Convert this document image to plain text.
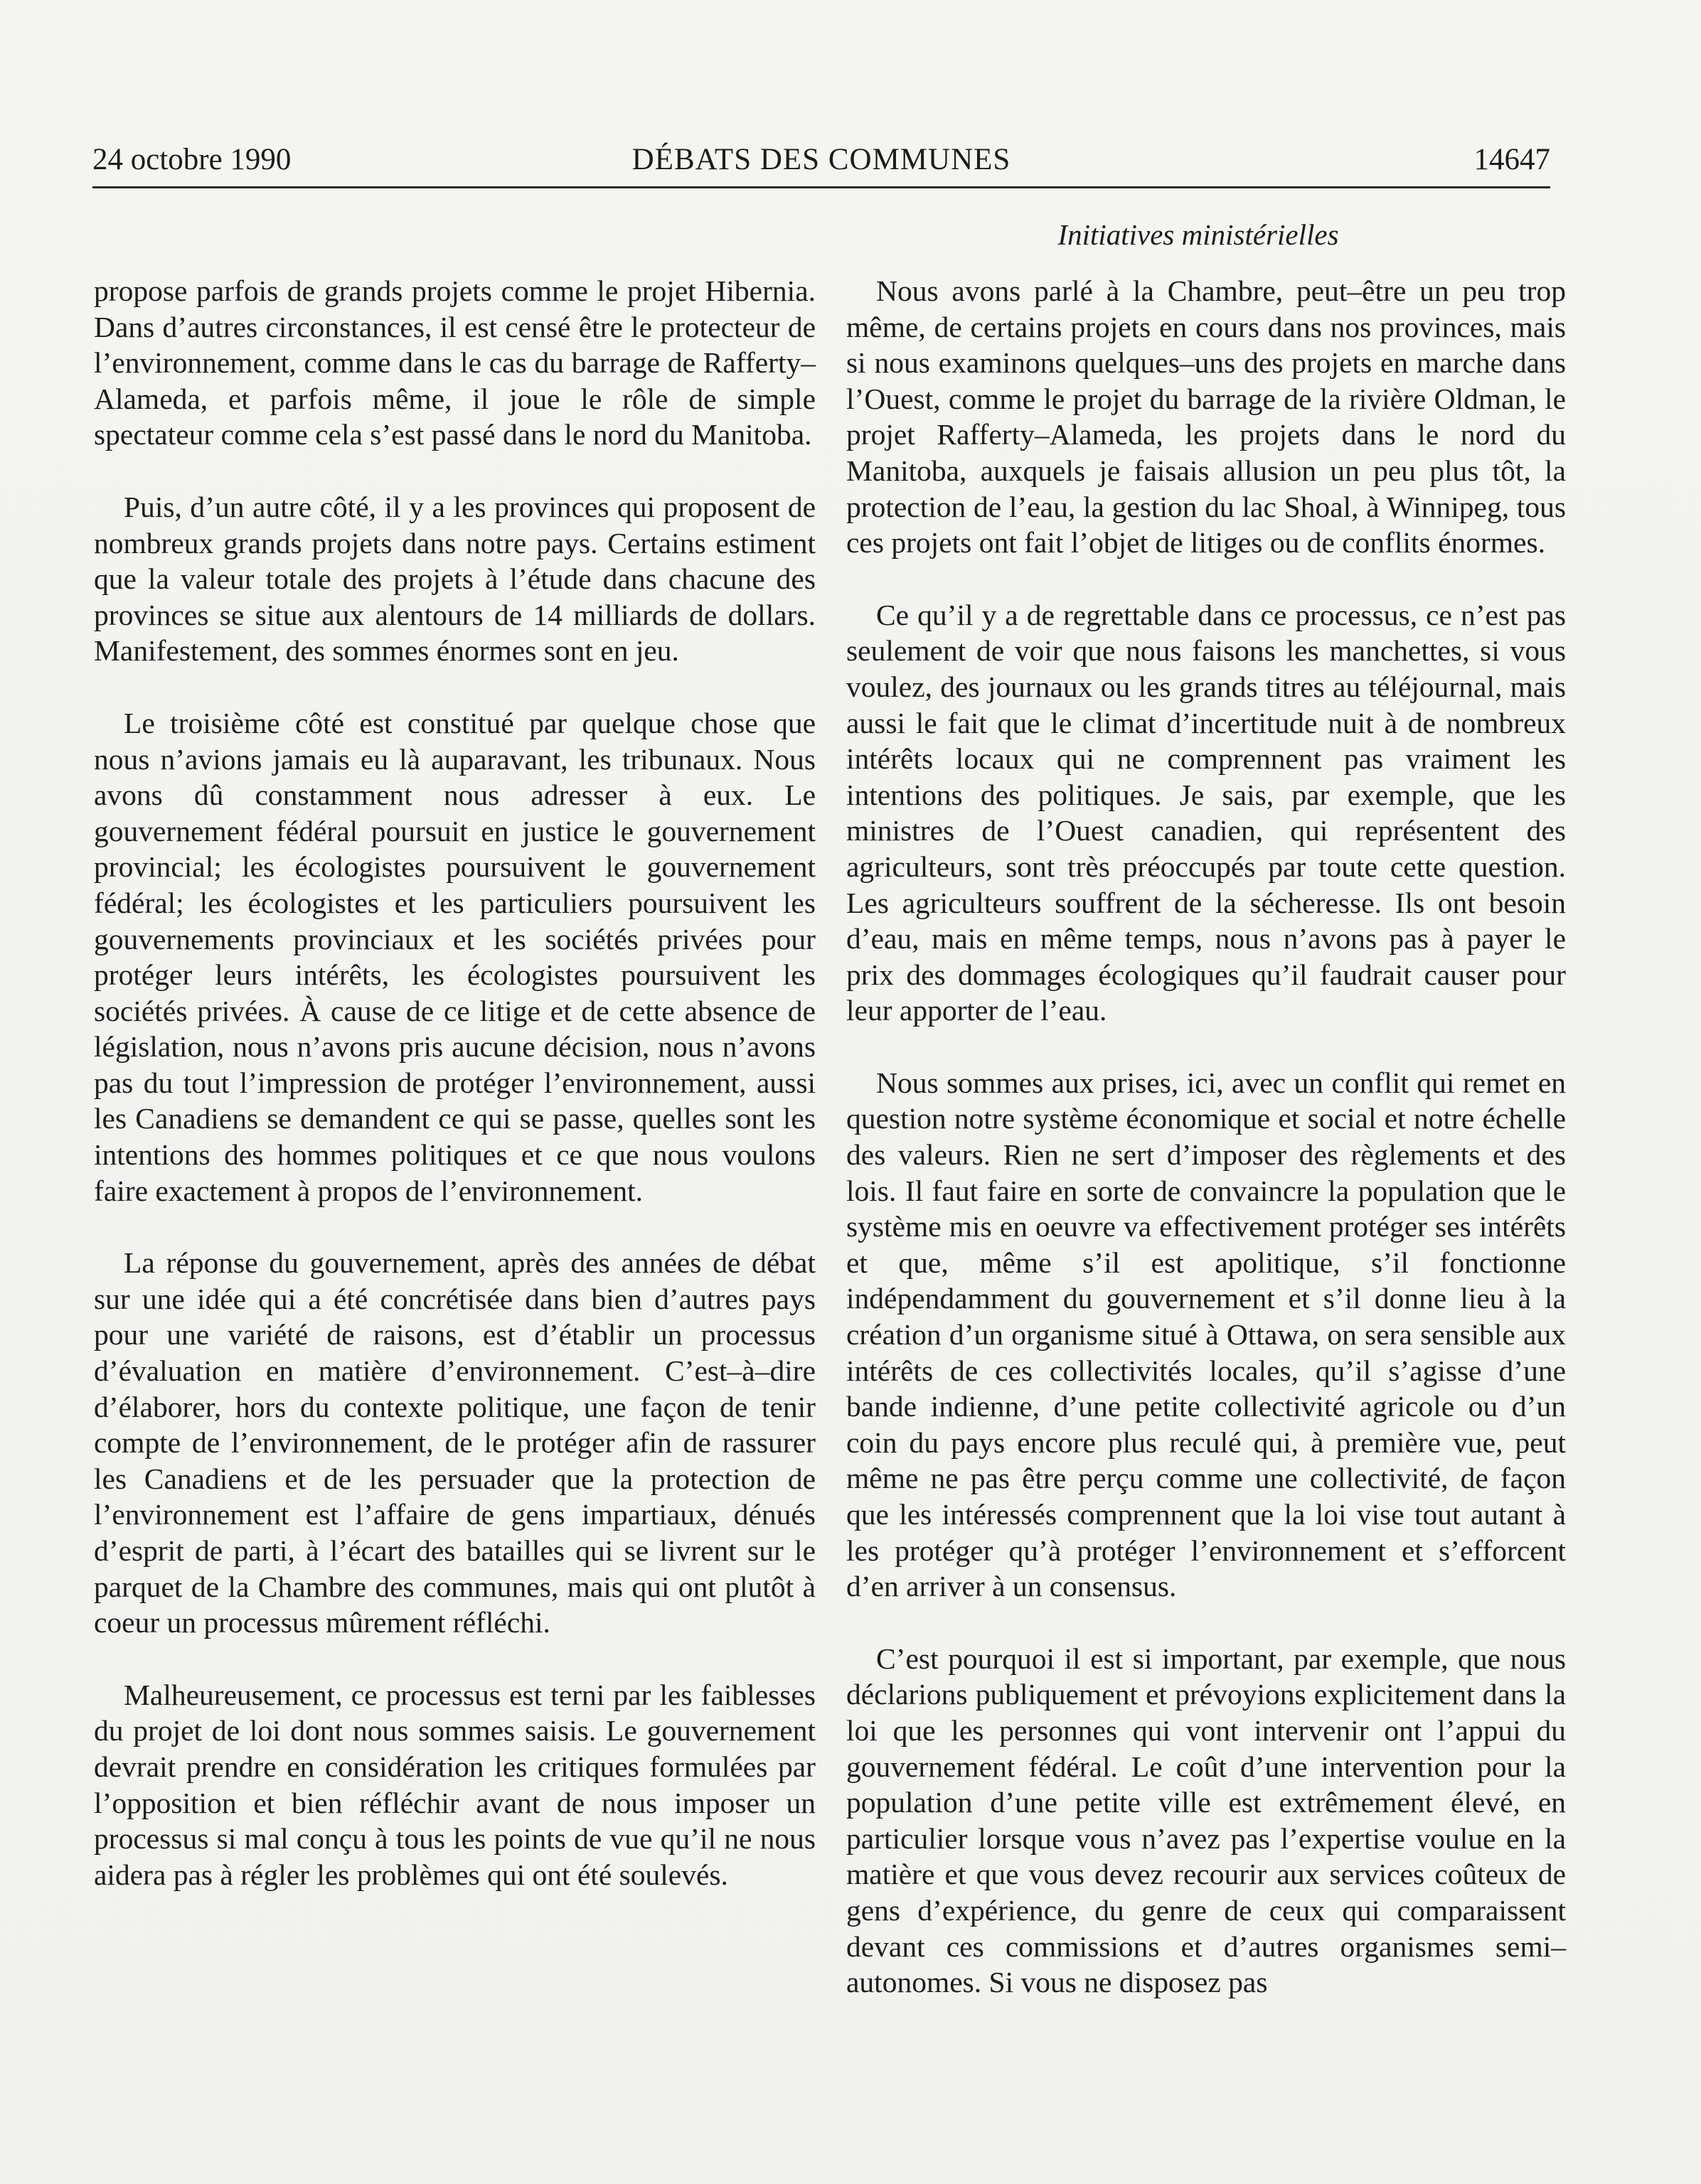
24 octobre 1990	DÉBATS DES COMMUNES	14647
Initiatives ministérielles

propose parfois de grands projets comme le projet Hibernia. Dans d’autres circonstances, il est censé être le protecteur de l’environnement, comme dans le cas du barrage de Rafferty–Alameda, et parfois même, il joue le rôle de simple spectateur comme cela s’est passé dans le nord du Manitoba.

Puis, d’un autre côté, il y a les provinces qui proposent de nombreux grands projets dans notre pays. Certains estiment que la valeur totale des projets à l’étude dans chacune des provinces se situe aux alentours de 14 milliards de dollars. Manifestement, des sommes énormes sont en jeu.

Le troisième côté est constitué par quelque chose que nous n’avions jamais eu là auparavant, les tribunaux. Nous avons dû constamment nous adresser à eux. Le gouvernement fédéral poursuit en justice le gouvernement provincial; les écologistes poursuivent le gouvernement fédéral; les écologistes et les particuliers poursuivent les gouvernements provinciaux et les sociétés privées pour protéger leurs intérêts, les écologistes poursuivent les sociétés privées. À cause de ce litige et de cette absence de législation, nous n’avons pris aucune décision, nous n’avons pas du tout l’impression de protéger l’environnement, aussi les Canadiens se demandent ce qui se passe, quelles sont les intentions des hommes politiques et ce que nous voulons faire exactement à propos de l’environnement.

La réponse du gouvernement, après des années de débat sur une idée qui a été concrétisée dans bien d’autres pays pour une variété de raisons, est d’établir un processus d’évaluation en matière d’environnement. C’est–à–dire d’élaborer, hors du contexte politique, une façon de tenir compte de l’environnement, de le protéger afin de rassurer les Canadiens et de les persuader que la protection de l’environnement est l’affaire de gens impartiaux, dénués d’esprit de parti, à l’écart des batailles qui se livrent sur le parquet de la Chambre des communes, mais qui ont plutôt à coeur un processus mûrement réfléchi.

Malheureusement, ce processus est terni par les faiblesses du projet de loi dont nous sommes saisis. Le gouvernement devrait prendre en considération les critiques formulées par l’opposition et bien réfléchir avant de nous imposer un processus si mal conçu à tous les points de vue qu’il ne nous aidera pas à régler les problèmes qui ont été soulevés.

Nous avons parlé à la Chambre, peut–être un peu trop même, de certains projets en cours dans nos provinces, mais si nous examinons quelques–uns des projets en marche dans l’Ouest, comme le projet du barrage de la rivière Oldman, le projet Rafferty–Alameda, les projets dans le nord du Manitoba, auxquels je faisais allusion un peu plus tôt, la protection de l’eau, la gestion du lac Shoal, à Winnipeg, tous ces projets ont fait l’objet de litiges ou de conflits énormes.

Ce qu’il y a de regrettable dans ce processus, ce n’est pas seulement de voir que nous faisons les manchettes, si vous voulez, des journaux ou les grands titres au téléjournal, mais aussi le fait que le climat d’incertitude nuit à de nombreux intérêts locaux qui ne comprennent pas vraiment les intentions des politiques. Je sais, par exemple, que les ministres de l’Ouest canadien, qui représentent des agriculteurs, sont très préoccupés par toute cette question. Les agriculteurs souffrent de la sécheresse. Ils ont besoin d’eau, mais en même temps, nous n’avons pas à payer le prix des dommages écologiques qu’il faudrait causer pour leur apporter de l’eau.

Nous sommes aux prises, ici, avec un conflit qui remet en question notre système économique et social et notre échelle des valeurs. Rien ne sert d’imposer des règlements et des lois. Il faut faire en sorte de convaincre la population que le système mis en oeuvre va effectivement protéger ses intérêts et que, même s’il est apolitique, s’il fonctionne indépendamment du gouvernement et s’il donne lieu à la création d’un organisme situé à Ottawa, on sera sensible aux intérêts de ces collectivités locales, qu’il s’agisse d’une bande indienne, d’une petite collectivité agricole ou d’un coin du pays encore plus reculé qui, à première vue, peut même ne pas être perçu comme une collectivité, de façon que les intéressés comprennent que la loi vise tout autant à les protéger qu’à protéger l’environnement et s’efforcent d’en arriver à un consensus.

C’est pourquoi il est si important, par exemple, que nous déclarions publiquement et prévoyions explicitement dans la loi que les personnes qui vont intervenir ont l’appui du gouvernement fédéral. Le coût d’une intervention pour la population d’une petite ville est extrêmement élevé, en particulier lorsque vous n’avez pas l’expertise voulue en la matière et que vous devez recourir aux services coûteux de gens d’expérience, du genre de ceux qui comparaissent devant ces commissions et d’autres organismes semi–autonomes. Si vous ne disposez pas
